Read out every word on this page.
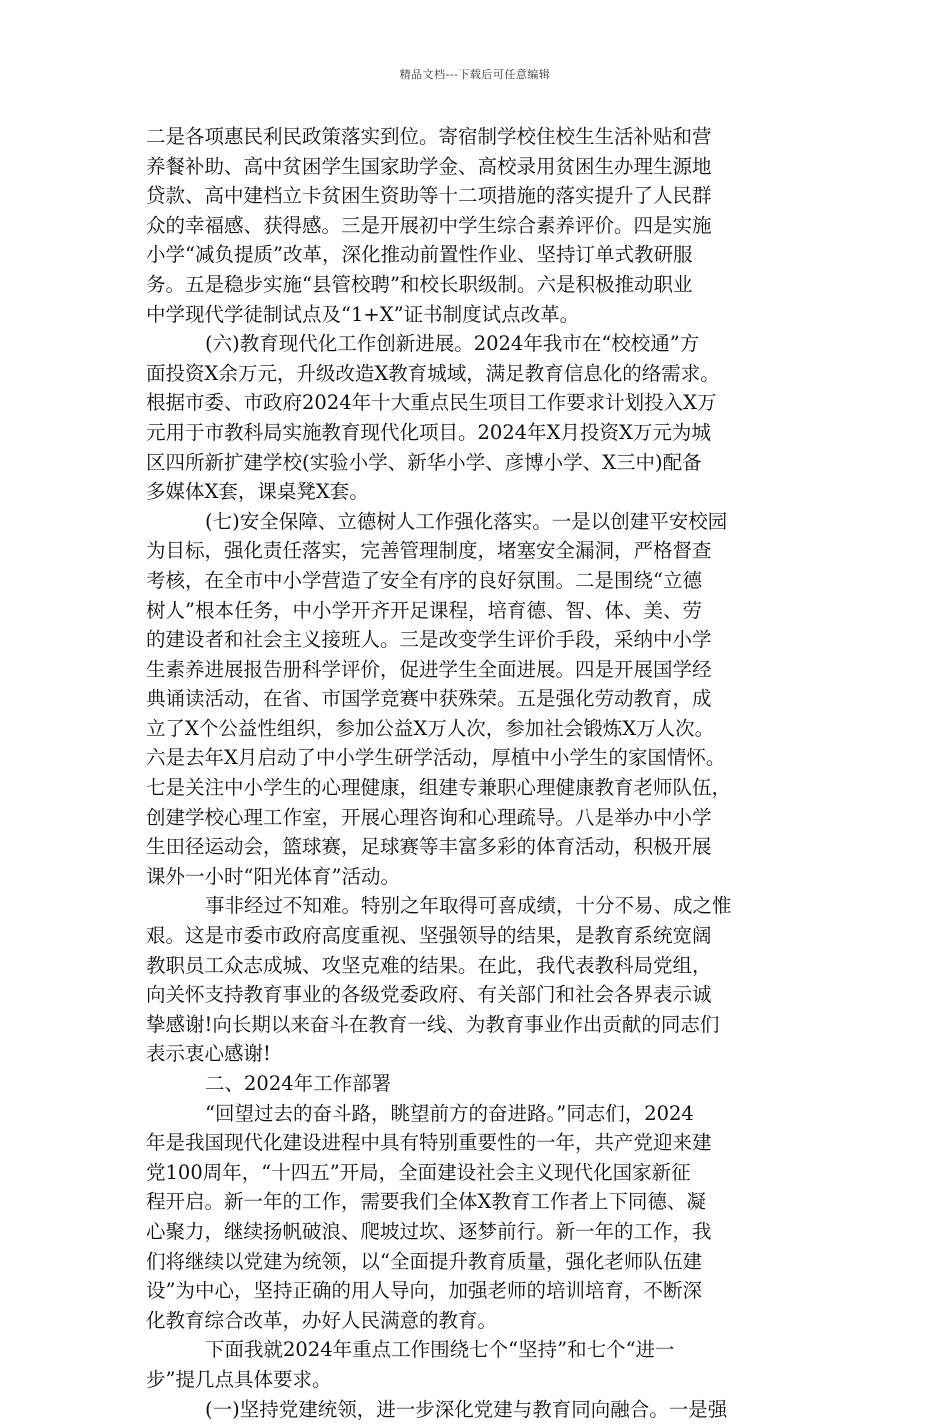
精品文档---下载后可任意编辑
二是各项惠民利民政策落实到位。寄宿制学校住校生生活补贴和营
养餐补助、高中贫困学生国家助学金、高校录用贫困生办理生源地
贷款、高中建档立卡贫困生资助等十二项措施的落实提升了人民群
众的幸福感、获得感。三是开展初中学生综合素养评价。四是实施
小学“减负提质”改革，深化推动前置性作业、坚持订单式教研服
务。五是稳步实施“县管校聘”和校长职级制。六是积极推动职业
中学现代学徒制试点及“1+X”证书制度试点改革。
(六)教育现代化工作创新进展。2024年我市在“校校通”方
面投资X余万元，升级改造X教育城域，满足教育信息化的络需求。
根据市委、市政府2024年十大重点民生项目工作要求计划投入X万
元用于市教科局实施教育现代化项目。2024年X月投资X万元为城
区四所新扩建学校(实验小学、新华小学、彦博小学、X三中)配备
多媒体X套，课桌凳X套。
(七)安全保障、立德树人工作强化落实。一是以创建平安校园
为目标，强化责任落实，完善管理制度，堵塞安全漏洞，严格督查
考核，在全市中小学营造了安全有序的良好氛围。二是围绕“立德
树人”根本任务，中小学开齐开足课程，培育德、智、体、美、劳
的建设者和社会主义接班人。三是改变学生评价手段，采纳中小学
生素养进展报告册科学评价，促进学生全面进展。四是开展国学经
典诵读活动，在省、市国学竞赛中获殊荣。五是强化劳动教育，成
立了X个公益性组织，参加公益X万人次，参加社会锻炼X万人次。
六是去年X月启动了中小学生研学活动，厚植中小学生的家国情怀。
七是关注中小学生的心理健康，组建专兼职心理健康教育老师队伍，
创建学校心理工作室，开展心理咨询和心理疏导。八是举办中小学
生田径运动会，篮球赛，足球赛等丰富多彩的体育活动，积极开展
课外一小时“阳光体育”活动。
事非经过不知难。特别之年取得可喜成绩，十分不易、成之惟
艰。这是市委市政府高度重视、坚强领导的结果，是教育系统宽阔
教职员工众志成城、攻坚克难的结果。在此，我代表教科局党组，
向关怀支持教育事业的各级党委政府、有关部门和社会各界表示诚
挚感谢!向长期以来奋斗在教育一线、为教育事业作出贡献的同志们
表示衷心感谢!
二、2024年工作部署
“回望过去的奋斗路，眺望前方的奋进路。”同志们，2024
年是我国现代化建设进程中具有特别重要性的一年，共产党迎来建
党100周年，“十四五”开局，全面建设社会主义现代化国家新征
程开启。新一年的工作，需要我们全体X教育工作者上下同德、凝
心聚力，继续扬帆破浪、爬坡过坎、逐梦前行。新一年的工作，我
们将继续以党建为统领，以“全面提升教育质量，强化老师队伍建
设”为中心，坚持正确的用人导向，加强老师的培训培育，不断深
化教育综合改革，办好人民满意的教育。
下面我就2024年重点工作围绕七个“坚持”和七个“进一
步”提几点具体要求。
(一)坚持党建统领，进一步深化党建与教育同向融合。一是强
